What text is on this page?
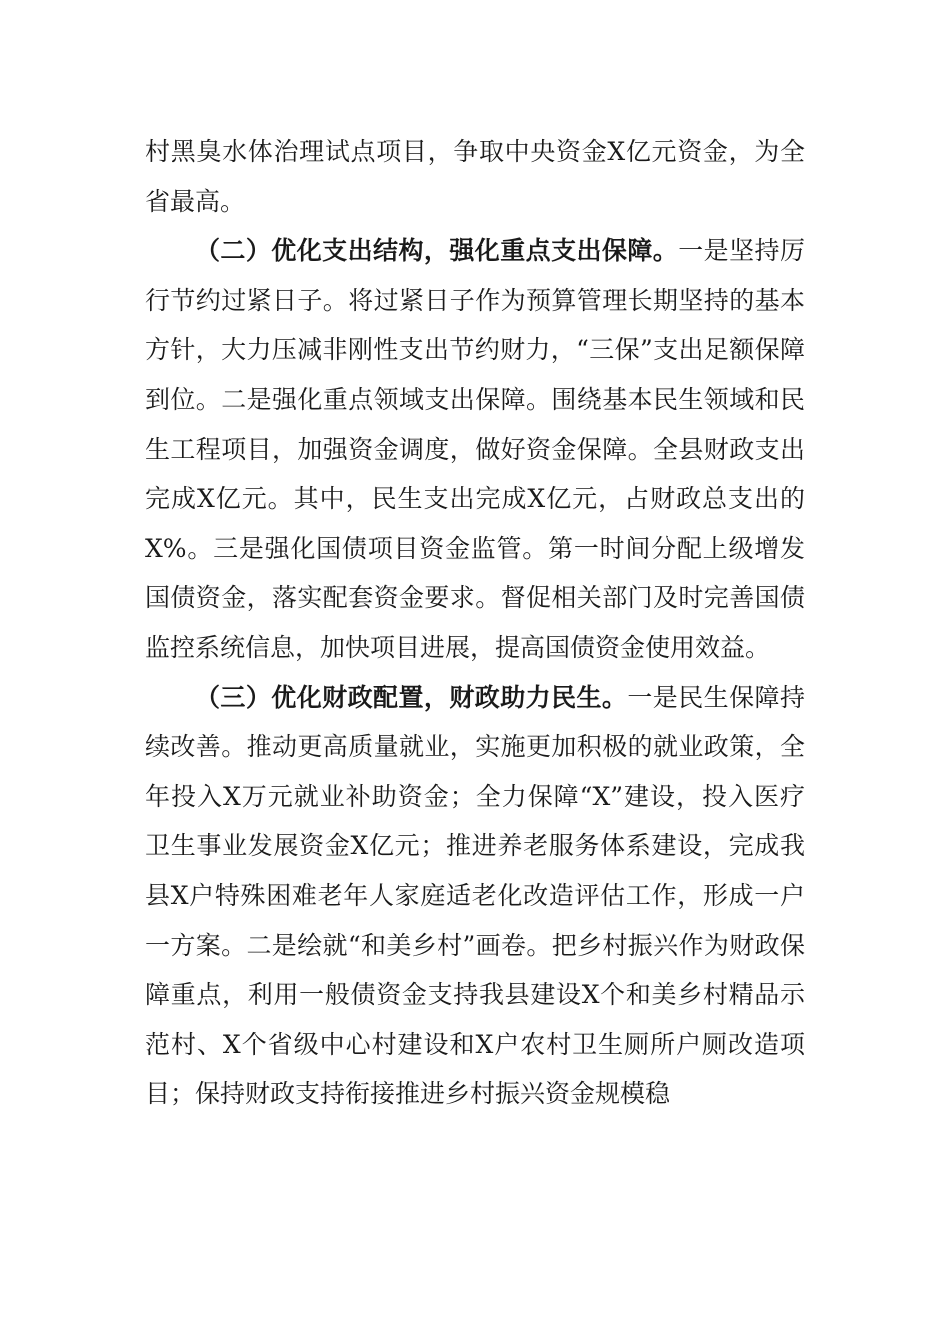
村黑臭水体治理试点项目，争取中央资金X亿元资金，为全省最高。

（二）优化支出结构，强化重点支出保障。一是坚持厉行节约过紧日子。将过紧日子作为预算管理长期坚持的基本方针，大力压减非刚性支出节约财力，“三保”支出足额保障到位。二是强化重点领域支出保障。围绕基本民生领域和民生工程项目，加强资金调度，做好资金保障。全县财政支出完成X亿元。其中，民生支出完成X亿元，占财政总支出的X%。三是强化国债项目资金监管。第一时间分配上级增发国债资金，落实配套资金要求。督促相关部门及时完善国债监控系统信息，加快项目进展，提高国债资金使用效益。

（三）优化财政配置，财政助力民生。一是民生保障持续改善。推动更高质量就业，实施更加积极的就业政策，全年投入X万元就业补助资金；全力保障“X”建设，投入医疗卫生事业发展资金X亿元；推进养老服务体系建设，完成我县X户特殊困难老年人家庭适老化改造评估工作，形成一户一方案。二是绘就“和美乡村”画卷。把乡村振兴作为财政保障重点，利用一般债资金支持我县建设X个和美乡村精品示范村、X个省级中心村建设和X户农村卫生厕所户厕改造项目；保持财政支持衔接推进乡村振兴资金规模稳
